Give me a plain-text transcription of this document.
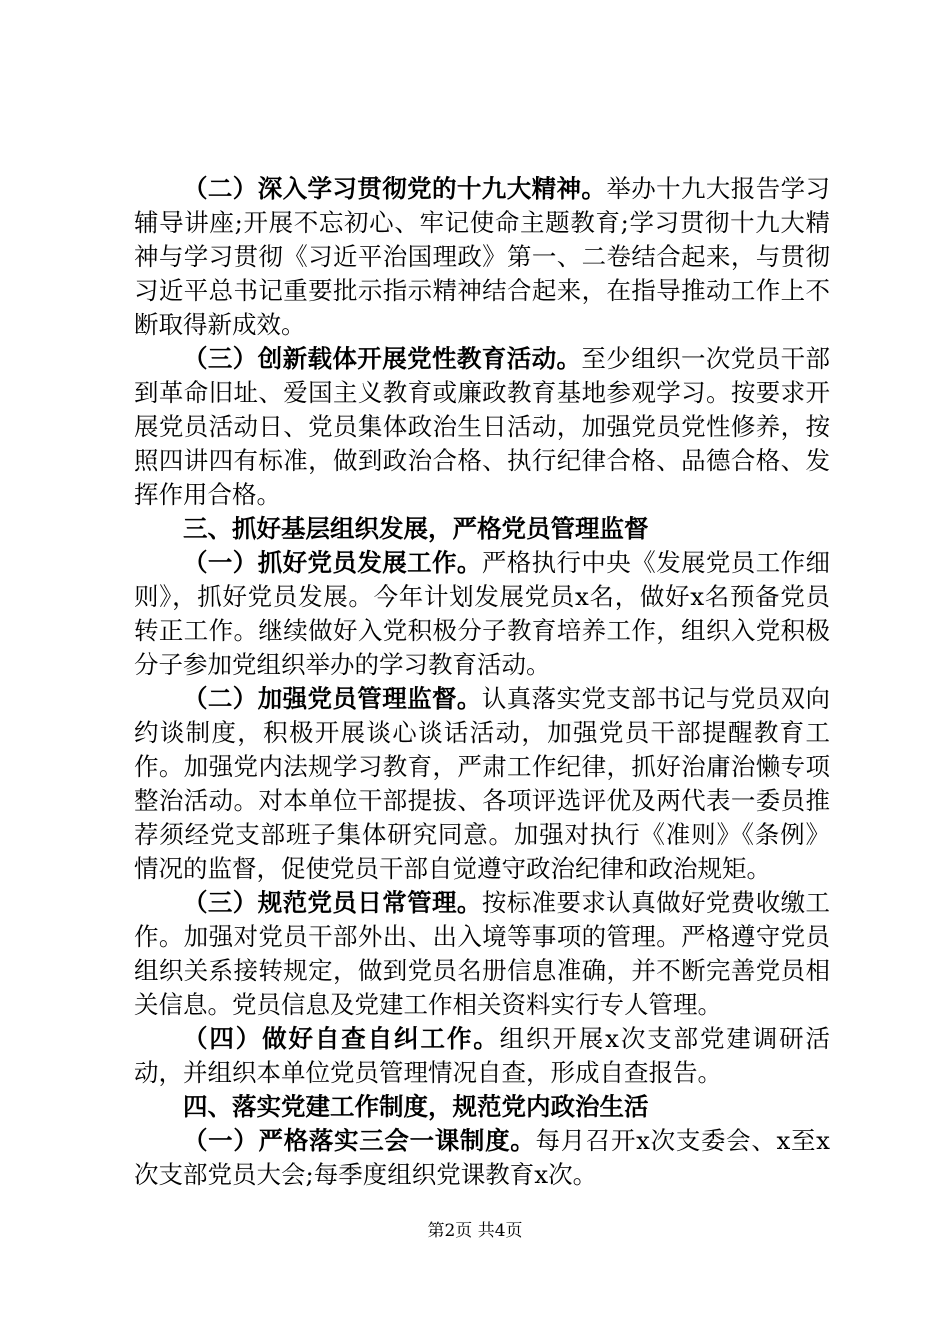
（二）深入学习贯彻党的十九大精神。举办十九大报告学习辅导讲座;开展不忘初心、牢记使命主题教育;学习贯彻十九大精神与学习贯彻《习近平治国理政》第一、二卷结合起来，与贯彻习近平总书记重要批示指示精神结合起来，在指导推动工作上不断取得新成效。

（三）创新载体开展党性教育活动。至少组织一次党员干部到革命旧址、爱国主义教育或廉政教育基地参观学习。按要求开展党员活动日、党员集体政治生日活动，加强党员党性修养，按照四讲四有标准，做到政治合格、执行纪律合格、品德合格、发挥作用合格。

三、抓好基层组织发展，严格党员管理监督

（一）抓好党员发展工作。严格执行中央《发展党员工作细则》，抓好党员发展。今年计划发展党员x名，做好x名预备党员转正工作。继续做好入党积极分子教育培养工作，组织入党积极分子参加党组织举办的学习教育活动。

（二）加强党员管理监督。认真落实党支部书记与党员双向约谈制度，积极开展谈心谈话活动，加强党员干部提醒教育工作。加强党内法规学习教育，严肃工作纪律，抓好治庸治懒专项整治活动。对本单位干部提拔、各项评选评优及两代表一委员推荐须经党支部班子集体研究同意。加强对执行《准则》《条例》情况的监督，促使党员干部自觉遵守政治纪律和政治规矩。

（三）规范党员日常管理。按标准要求认真做好党费收缴工作。加强对党员干部外出、出入境等事项的管理。严格遵守党员组织关系接转规定，做到党员名册信息准确，并不断完善党员相关信息。党员信息及党建工作相关资料实行专人管理。

（四）做好自查自纠工作。组织开展x次支部党建调研活动，并组织本单位党员管理情况自查，形成自查报告。

四、落实党建工作制度，规范党内政治生活

（一）严格落实三会一课制度。每月召开x次支委会、x至x次支部党员大会;每季度组织党课教育x次。

第2页 共4页
